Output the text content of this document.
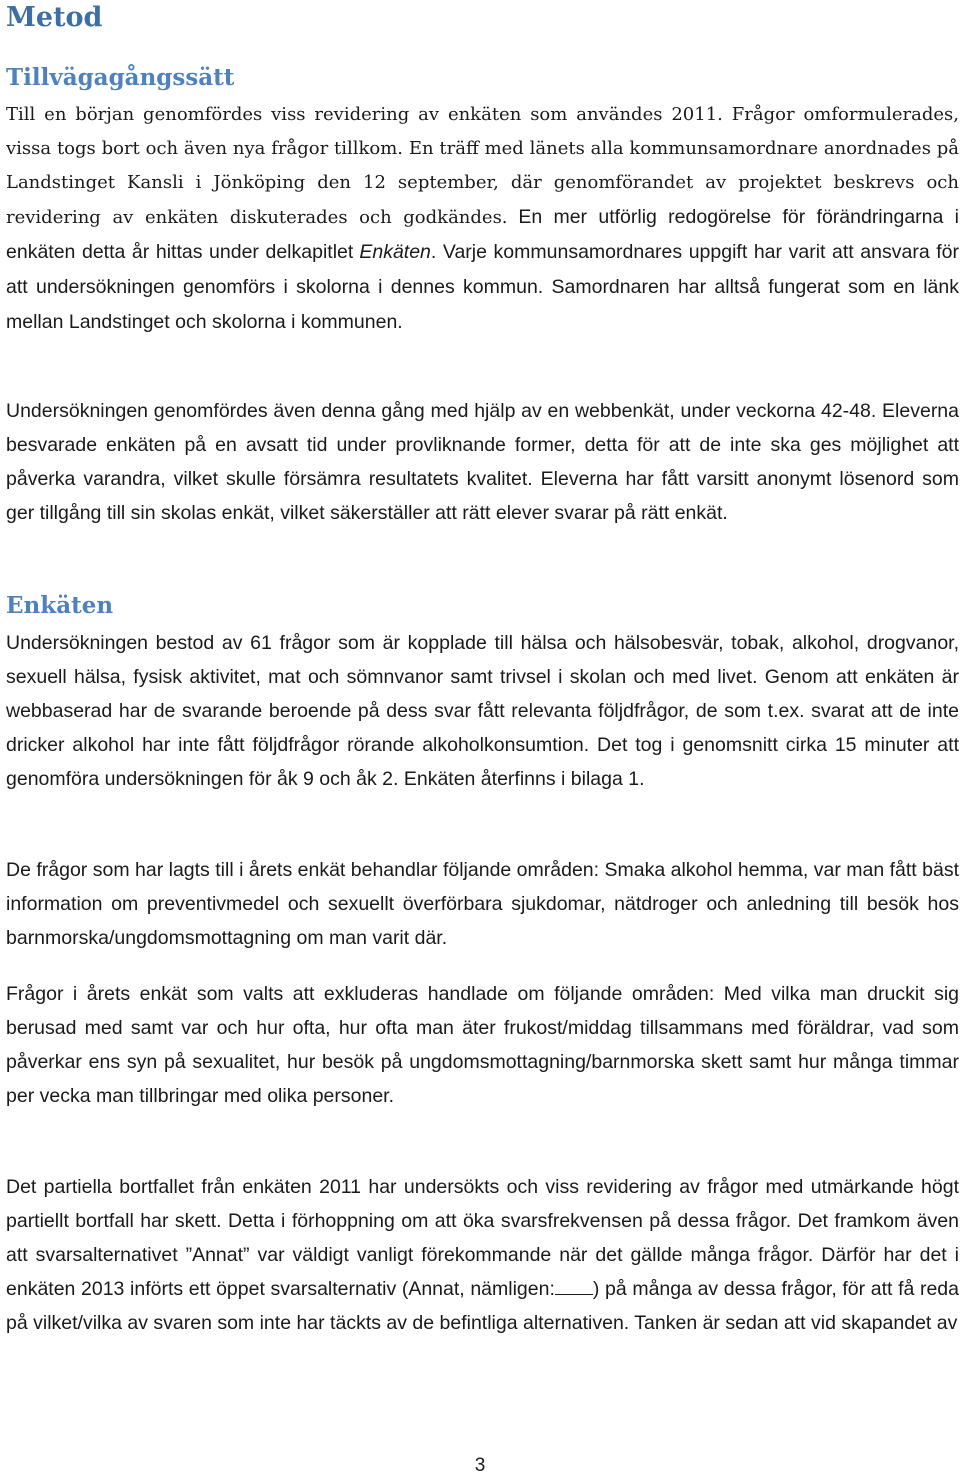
Metod
Tillvägagångssätt

Till en början genomfördes viss revidering av enkäten som användes 2011. Frågor omformulerades, vissa togs bort och även nya frågor tillkom. En träff med länets alla kommunsamordnare anordnades på Landstinget Kansli i Jönköping den 12 september, där genomförandet av projektet beskrevs och revidering av enkäten diskuterades och godkändes. En mer utförlig redogörelse för förändringarna i enkäten detta år hittas under delkapitlet Enkäten. Varje kommunsamordnares uppgift har varit att ansvara för att undersökningen genomförs i skolorna i dennes kommun. Samordnaren har alltså fungerat som en länk mellan Landstinget och skolorna i kommunen.

Undersökningen genomfördes även denna gång med hjälp av en webbenkät, under veckorna 42-48. Eleverna besvarade enkäten på en avsatt tid under provliknande former, detta för att de inte ska ges möjlighet att påverka varandra, vilket skulle försämra resultatets kvalitet. Eleverna har fått varsitt anonymt lösenord som ger tillgång till sin skolas enkät, vilket säkerställer att rätt elever svarar på rätt enkät.

Enkäten

Undersökningen bestod av 61 frågor som är kopplade till hälsa och hälsobesvär, tobak, alkohol, drogvanor, sexuell hälsa, fysisk aktivitet, mat och sömnvanor samt trivsel i skolan och med livet. Genom att enkäten är webbaserad har de svarande beroende på dess svar fått relevanta följdfrågor, de som t.ex. svarat att de inte dricker alkohol har inte fått följdfrågor rörande alkoholkonsumtion. Det tog i genomsnitt cirka 15 minuter att genomföra undersökningen för åk 9 och åk 2. Enkäten återfinns i bilaga 1.

De frågor som har lagts till i årets enkät behandlar följande områden: Smaka alkohol hemma, var man fått bäst information om preventivmedel och sexuellt överförbara sjukdomar, nätdroger och anledning till besök hos barnmorska/ungdomsmottagning om man varit där.

Frågor i årets enkät som valts att exkluderas handlade om följande områden: Med vilka man druckit sig berusad med samt var och hur ofta, hur ofta man äter frukost/middag tillsammans med föräldrar, vad som påverkar ens syn på sexualitet, hur besök på ungdomsmottagning/barnmorska skett samt hur många timmar per vecka man tillbringar med olika personer.

Det partiella bortfallet från enkäten 2011 har undersökts och viss revidering av frågor med utmärkande högt partiellt bortfall har skett. Detta i förhoppning om att öka svarsfrekvensen på dessa frågor. Det framkom även att svarsalternativet ”Annat” var väldigt vanligt förekommande när det gällde många frågor. Därför har det i enkäten 2013 införts ett öppet svarsalternativ (Annat, nämligen: ) på många av dessa frågor, för att få reda på vilket/vilka av svaren som inte har täckts av de befintliga alternativen. Tanken är sedan att vid skapandet av

3
